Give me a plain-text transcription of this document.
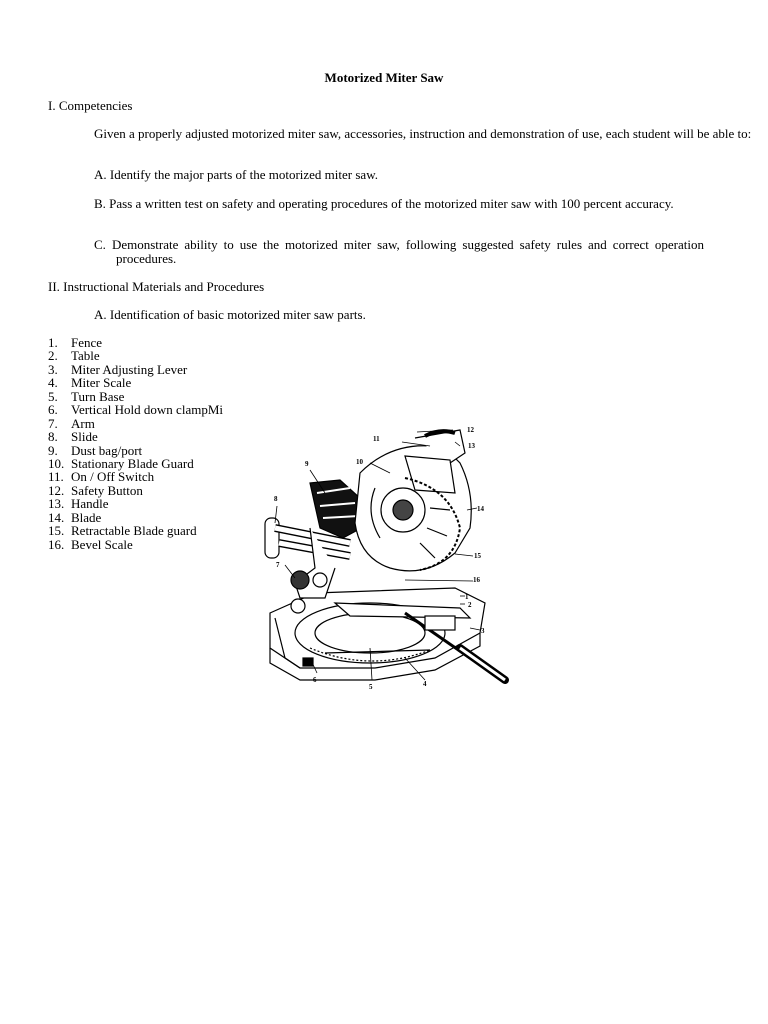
Motorized Miter Saw
I. Competencies
Given a properly adjusted motorized miter saw, accessories, instruction and demonstration of use, each student will be able to:
A. Identify the major parts of the motorized miter saw.
B. Pass a written test on safety and operating procedures of the motorized miter saw with 100 percent accuracy.
C. Demonstrate ability to use the motorized miter saw, following suggested safety rules and correct operation procedures.
II. Instructional Materials and Procedures
A. Identification of basic motorized miter saw parts.
1. Fence
2. Table
3. Miter Adjusting Lever
4. Miter Scale
5. Turn Base
6. Vertical Hold down clampMi
7. Arm
8. Slide
9. Dust bag/port
10. Stationary Blade Guard
11. On / Off Switch
12. Safety Button
13. Handle
14. Blade
15. Retractable Blade guard
16. Bevel Scale
1
2
3
4
5
6
7
8
9	10
11
12
13
14
15
16
